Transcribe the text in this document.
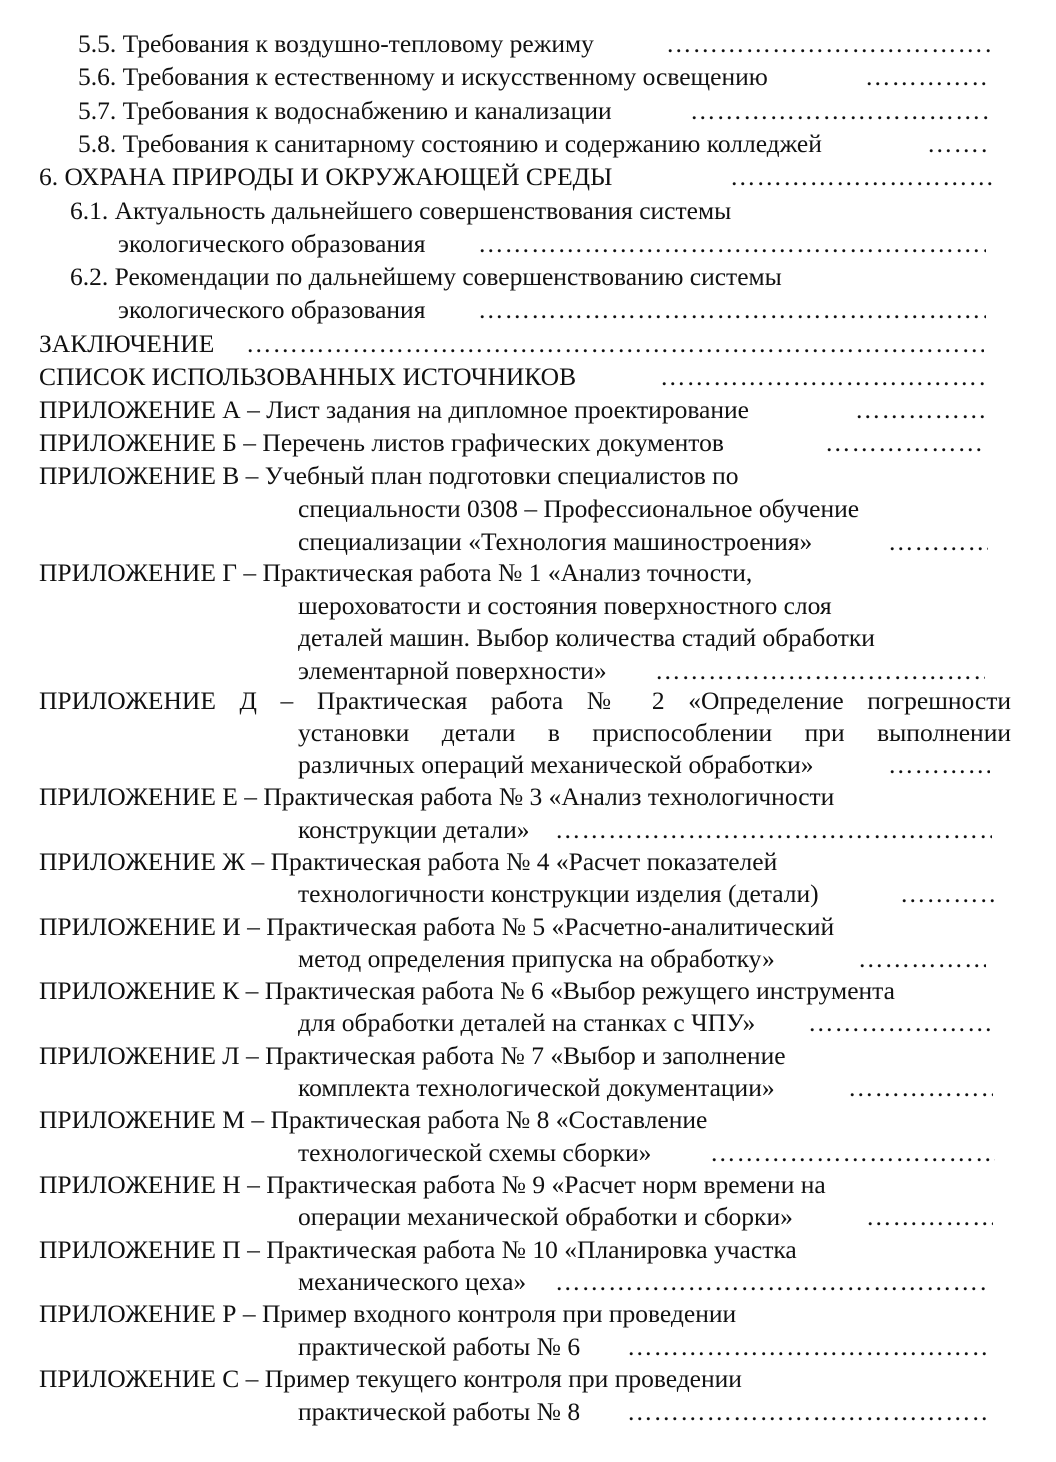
5.5. Требования к воздушно-тепловому режиму
…………………………………………………………………………………………………………………………………………………………………………………………………………
5.6. Требования к естественному и искусственному освещению
…………………………………………………………………………………………………………………………………………………………………………………………………………
5.7. Требования к водоснабжению и канализации
…………………………………………………………………………………………………………………………………………………………………………………………………………
5.8. Требования к санитарному состоянию и содержанию колледжей
…………………………………………………………………………………………………………………………………………………………………………………………………………
6. ОХРАНА ПРИРОДЫ И ОКРУЖАЮЩЕЙ СРЕДЫ
…………………………………………………………………………………………………………………………………………………………………………………………………………
6.1. Актуальность дальнейшего совершенствования системы
экологического образования
…………………………………………………………………………………………………………………………………………………………………………………………………………
6.2. Рекомендации по дальнейшему совершенствованию системы
экологического образования
…………………………………………………………………………………………………………………………………………………………………………………………………………
ЗАКЛЮЧЕНИЕ
…………………………………………………………………………………………………………………………………………………………………………………………………………
СПИСОК ИСПОЛЬЗОВАННЫХ ИСТОЧНИКОВ
…………………………………………………………………………………………………………………………………………………………………………………………………………
ПРИЛОЖЕНИЕ А – Лист задания на дипломное проектирование
…………………………………………………………………………………………………………………………………………………………………………………………………………
ПРИЛОЖЕНИЕ Б – Перечень листов графических документов
…………………………………………………………………………………………………………………………………………………………………………………………………………
ПРИЛОЖЕНИЕ В – Учебный план подготовки специалистов по
специальности 0308 – Профессиональное обучение
специализации «Технология машиностроения»
…………………………………………………………………………………………………………………………………………………………………………………………………………
ПРИЛОЖЕНИЕ Г – Практическая работа № 1 «Анализ точности,
шероховатости и состояния поверхностного слоя
деталей машин. Выбор количества стадий обработки
элементарной поверхности»
…………………………………………………………………………………………………………………………………………………………………………………………………………
ПРИЛОЖЕНИЕ Д – Практическая работа № 2 «Определение погрешности
установки детали в приспособлении при выполнении
различных операций механической обработки»
…………………………………………………………………………………………………………………………………………………………………………………………………………
ПРИЛОЖЕНИЕ Е – Практическая работа № 3 «Анализ технологичности
конструкции детали»
…………………………………………………………………………………………………………………………………………………………………………………………………………
ПРИЛОЖЕНИЕ Ж – Практическая работа № 4 «Расчет показателей
технологичности конструкции изделия (детали)
…………………………………………………………………………………………………………………………………………………………………………………………………………
ПРИЛОЖЕНИЕ И – Практическая работа № 5 «Расчетно-аналитический
метод определения припуска на обработку»
…………………………………………………………………………………………………………………………………………………………………………………………………………
ПРИЛОЖЕНИЕ К – Практическая работа № 6 «Выбор режущего инструмента
для обработки деталей на станках с ЧПУ»
…………………………………………………………………………………………………………………………………………………………………………………………………………
ПРИЛОЖЕНИЕ Л – Практическая работа № 7 «Выбор и заполнение
комплекта технологической документации»
…………………………………………………………………………………………………………………………………………………………………………………………………………
ПРИЛОЖЕНИЕ М – Практическая работа № 8 «Составление
технологической схемы сборки»
…………………………………………………………………………………………………………………………………………………………………………………………………………
ПРИЛОЖЕНИЕ Н – Практическая работа № 9 «Расчет норм времени на
операции механической обработки и сборки»
…………………………………………………………………………………………………………………………………………………………………………………………………………
ПРИЛОЖЕНИЕ П – Практическая работа № 10 «Планировка участка
механического цеха»
…………………………………………………………………………………………………………………………………………………………………………………………………………
ПРИЛОЖЕНИЕ Р – Пример входного контроля при проведении
практической работы № 6
…………………………………………………………………………………………………………………………………………………………………………………………………………
ПРИЛОЖЕНИЕ С – Пример текущего контроля при проведении
практической работы № 8
…………………………………………………………………………………………………………………………………………………………………………………………………………
